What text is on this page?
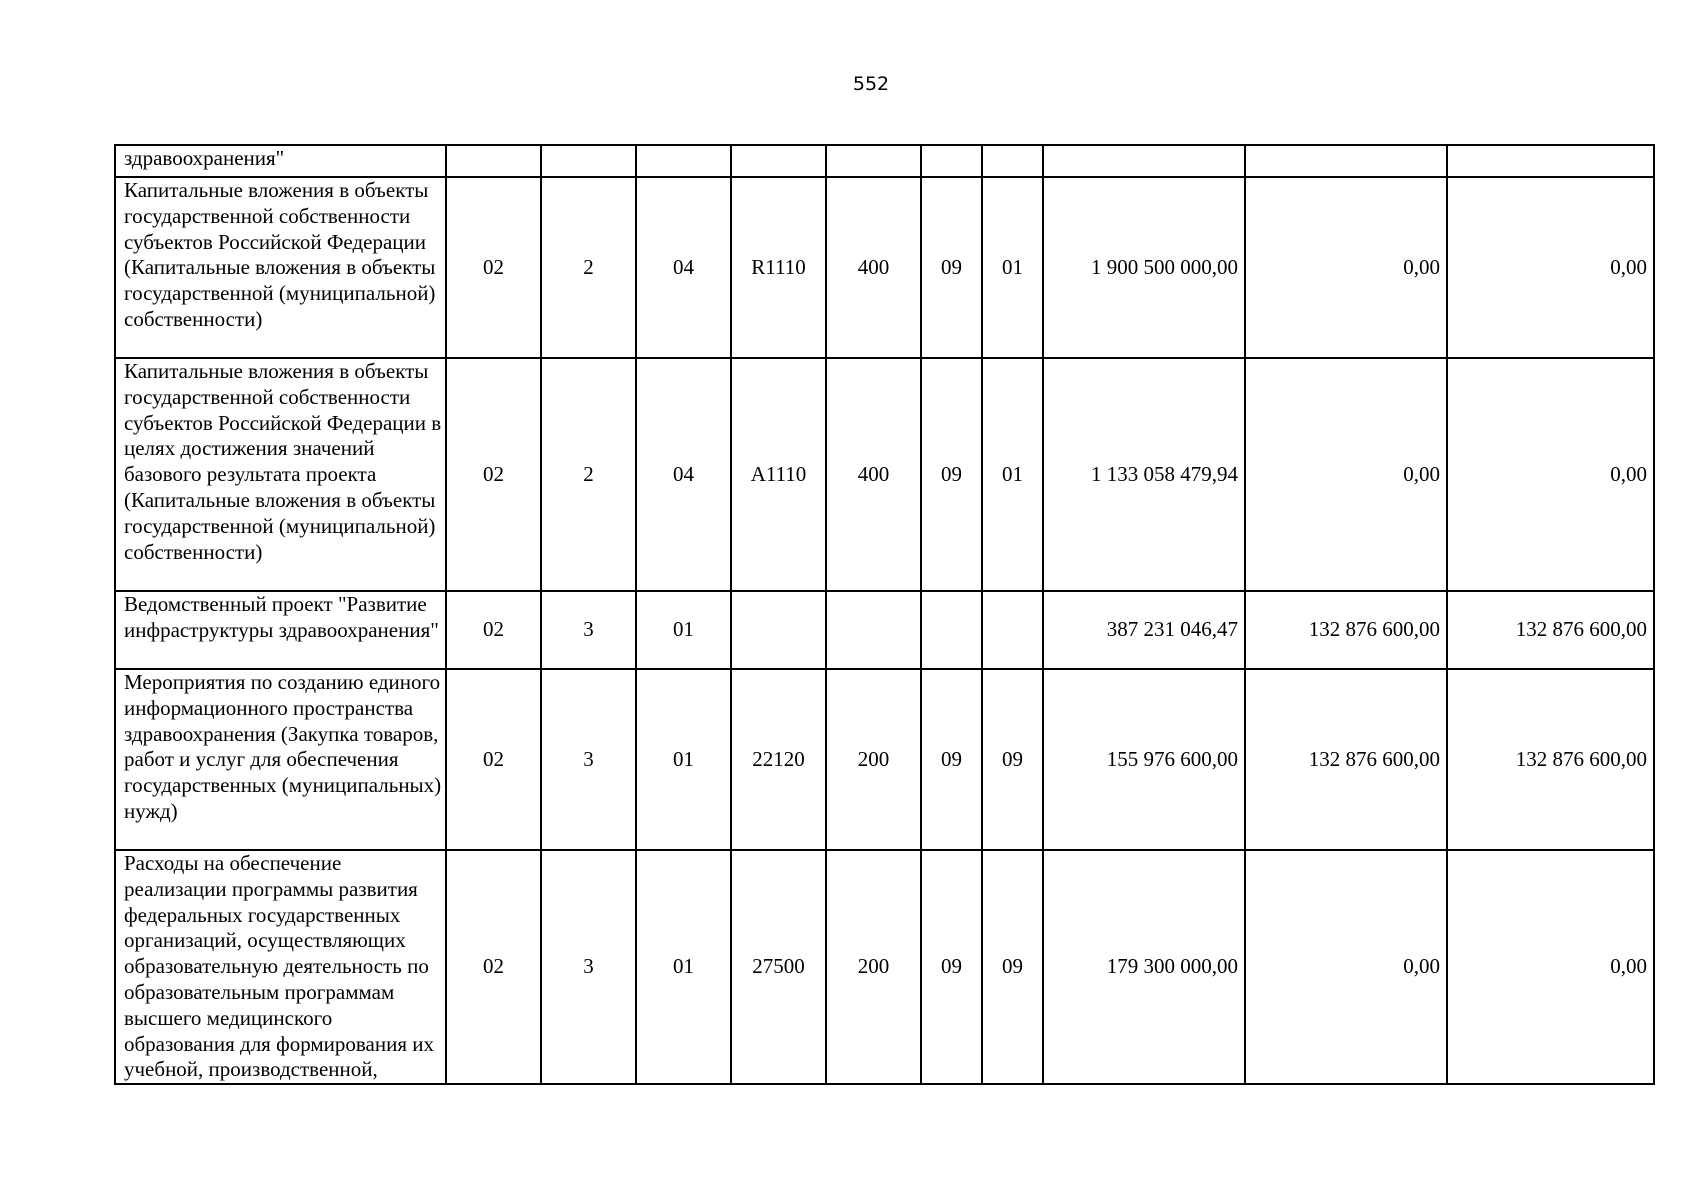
552
здравоохранения"										
Капитальные вложения в объекты государственной собственности субъектов Российской Федерации (Капитальные вложения в объекты государственной (муниципальной) собственности)	02	2	04	R1110	400	09	01	1 900 500 000,00	0,00	0,00
Капитальные вложения в объекты государственной собственности субъектов Российской Федерации в целях достижения значений базового результата проекта (Капитальные вложения в объекты государственной (муниципальной) собственности)	02	2	04	А1110	400	09	01	1 133 058 479,94	0,00	0,00
Ведомственный проект "Развитие инфраструктуры здравоохранения"	02	3	01					387 231 046,47	132 876 600,00	132 876 600,00
Мероприятия по созданию единого информационного пространства здравоохранения (Закупка товаров, работ и услуг для обеспечения государственных (муниципальных) нужд)	02	3	01	22120	200	09	09	155 976 600,00	132 876 600,00	132 876 600,00
Расходы на обеспечение реализации программы развития федеральных государственных организаций, осуществляющих образовательную деятельность по образовательным программам высшего медицинского образования для формирования их учебной, производственной,	02	3	01	27500	200	09	09	179 300 000,00	0,00	0,00
